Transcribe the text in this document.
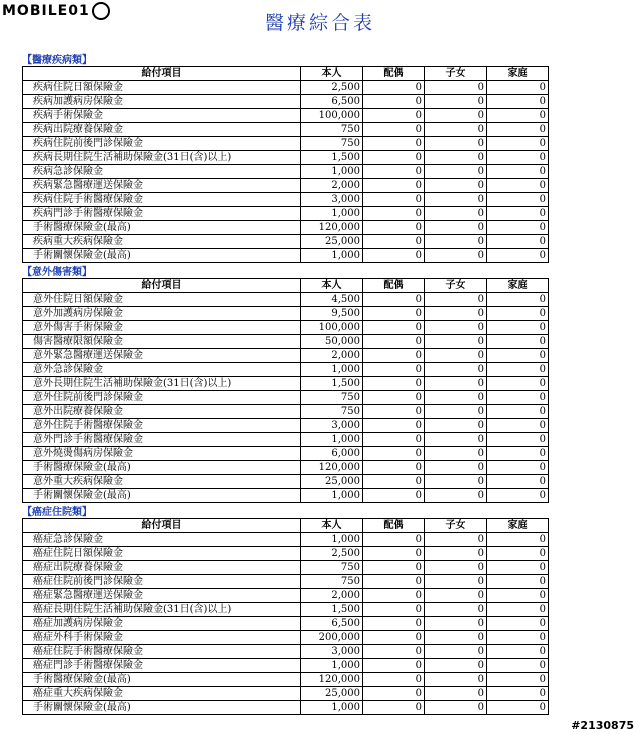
MOBILE01
醫療綜合表
【醫療疾病類】
給付項目	本人	配偶	子女	家庭
疾病住院日額保險金	2,500	0	0	0
疾病加護病房保險金	6,500	0	0	0
疾病手術保險金	100,000	0	0	0
疾病出院療養保險金	750	0	0	0
疾病住院前後門診保險金	750	0	0	0
疾病長期住院生活補助保險金(31日(含)以上)	1,500	0	0	0
疾病急診保險金	1,000	0	0	0
疾病緊急醫療運送保險金	2,000	0	0	0
疾病住院手術醫療保險金	3,000	0	0	0
疾病門診手術醫療保險金	1,000	0	0	0
手術醫療保險金(最高)	120,000	0	0	0
疾病重大疾病保險金	25,000	0	0	0
手術關懷保險金(最高)	1,000	0	0	0
【意外傷害類】
給付項目	本人	配偶	子女	家庭
意外住院日額保險金	4,500	0	0	0
意外加護病房保險金	9,500	0	0	0
意外傷害手術保險金	100,000	0	0	0
傷害醫療限額保險金	50,000	0	0	0
意外緊急醫療運送保險金	2,000	0	0	0
意外急診保險金	1,000	0	0	0
意外長期住院生活補助保險金(31日(含)以上)	1,500	0	0	0
意外住院前後門診保險金	750	0	0	0
意外出院療養保險金	750	0	0	0
意外住院手術醫療保險金	3,000	0	0	0
意外門診手術醫療保險金	1,000	0	0	0
意外燒燙傷病房保險金	6,000	0	0	0
手術醫療保險金(最高)	120,000	0	0	0
意外重大疾病保險金	25,000	0	0	0
手術關懷保險金(最高)	1,000	0	0	0
【癌症住院類】
給付項目	本人	配偶	子女	家庭
癌症急診保險金	1,000	0	0	0
癌症住院日額保險金	2,500	0	0	0
癌症出院療養保險金	750	0	0	0
癌症住院前後門診保險金	750	0	0	0
癌症緊急醫療運送保險金	2,000	0	0	0
癌症長期住院生活補助保險金(31日(含)以上)	1,500	0	0	0
癌症加護病房保險金	6,500	0	0	0
癌症外科手術保險金	200,000	0	0	0
癌症住院手術醫療保險金	3,000	0	0	0
癌症門診手術醫療保險金	1,000	0	0	0
手術醫療保險金(最高)	120,000	0	0	0
癌症重大疾病保險金	25,000	0	0	0
手術關懷保險金(最高)	1,000	0	0	0
#2130875
